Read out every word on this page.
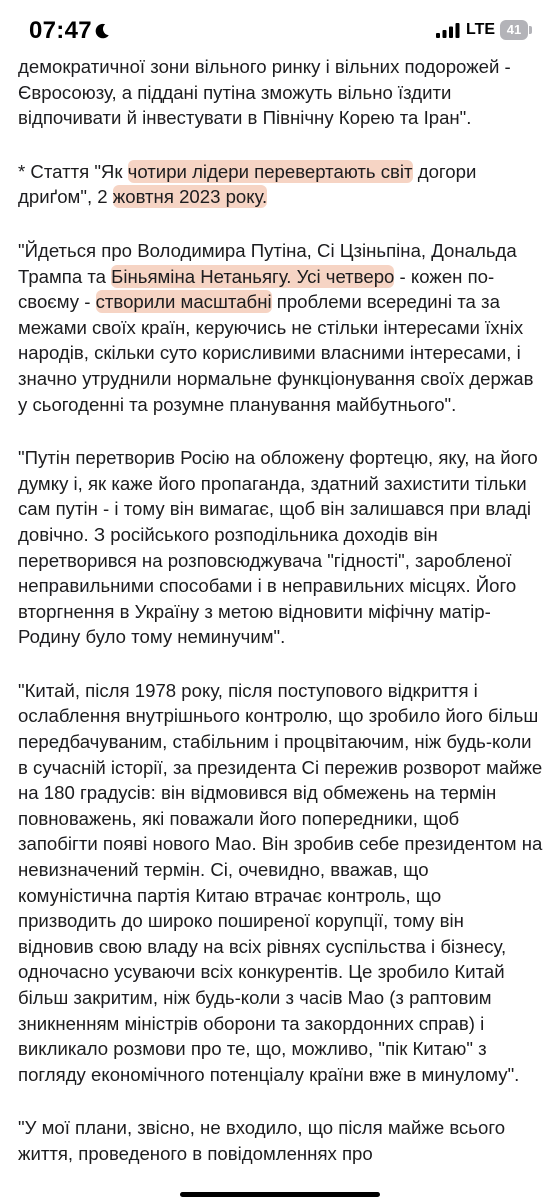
07:47	LTE 41

демократичної зони вільного ринку і вільних подорожей - Євросоюзу, а піддані путіна зможуть вільно їздити відпочивати й інвестувати в Північну Корею та Іран".

* Стаття "Як чотири лідери перевертають світ догори дриґом", 2 жовтня 2023 року.

"Йдеться про Володимира Путіна, Сі Цзіньпіна, Дональда Трампа та Біньяміна Нетаньягу. Усі четверо - кожен по-своєму - створили масштабні проблеми всередині та за межами своїх країн, керуючись не стільки інтересами їхніх народів, скільки суто корисливими власними інтересами, і значно утруднили нормальне функціонування своїх держав у сьогоденні та розумне планування майбутнього".

"Путін перетворив Росію на обложену фортецю, яку, на його думку і, як каже його пропаганда, здатний захистити тільки сам путін - і тому він вимагає, щоб він залишався при владі довічно. З російського розподільника доходів він перетворився на розповсюджувача "гідності", заробленої неправильними способами і в неправильних місцях. Його вторгнення в Україну з метою відновити міфічну матір-Родину було тому неминучим".

"Китай, після 1978 року, після поступового відкриття і ослаблення внутрішнього контролю, що зробило його більш передбачуваним, стабільним і процвітаючим, ніж будь-коли в сучасній історії, за президента Сі пережив розворот майже на 180 градусів: він відмовився від обмежень на термін повноважень, які поважали його попередники, щоб запобігти появі нового Мао. Він зробив себе президентом на невизначений термін. Сі, очевидно, вважав, що комуністична партія Китаю втрачає контроль, що призводить до широко поширеної корупції, тому він відновив свою владу на всіх рівнях суспільства і бізнесу, одночасно усуваючи всіх конкурентів. Це зробило Китай більш закритим, ніж будь-коли з часів Мао (з раптовим зникненням міністрів оборони та закордонних справ) і викликало розмови про те, що, можливо, "пік Китаю" з погляду економічного потенціалу країни вже в минулому".

"У мої плани, звісно, не входило, що після майже всього життя, проведеного в повідомленнях про
